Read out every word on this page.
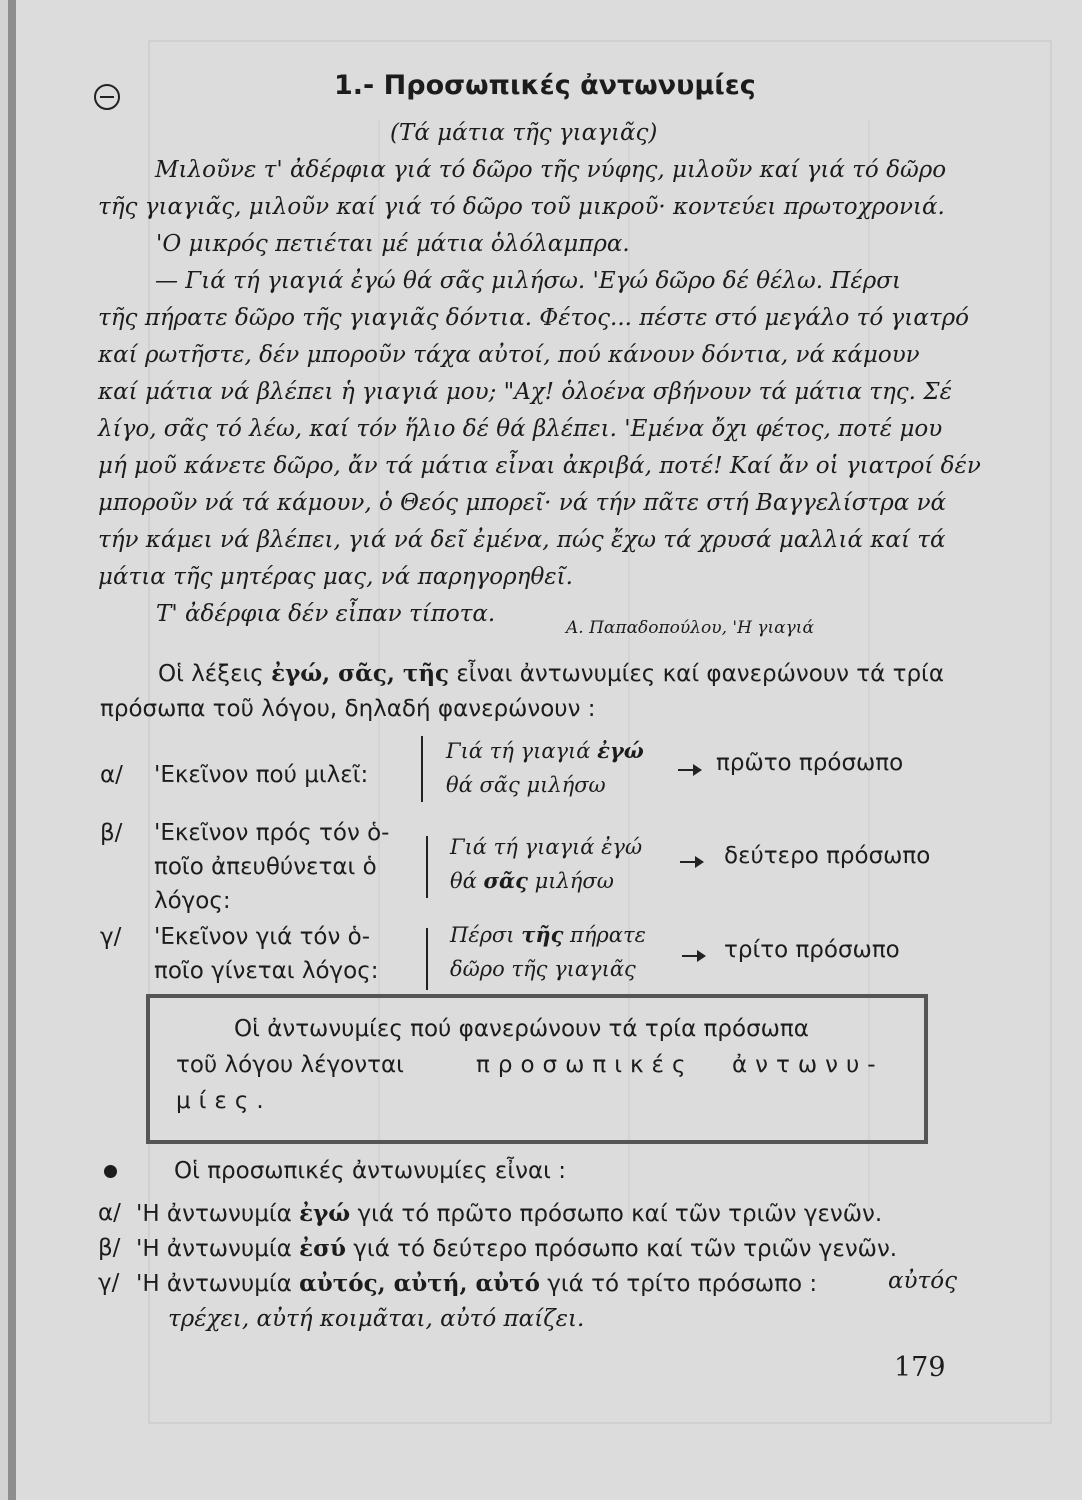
1.- Προσωπικές ἀντωνυμίες
(Τά μάτια τῆς γιαγιᾶς)
Μιλοῦνε τ' ἀδέρφια γιά τό δῶρο τῆς νύφης, μιλοῦν καί γιά τό δῶρο
τῆς γιαγιᾶς, μιλοῦν καί γιά τό δῶρο τοῦ μικροῦ· κοντεύει πρωτοχρονιά.
'Ο μικρός πετιέται μέ μάτια ὁλόλαμπρα.
— Γιά τή γιαγιά ἐγώ θά σᾶς μιλήσω. 'Εγώ δῶρο δέ θέλω. Πέρσι
τῆς πήρατε δῶρο τῆς γιαγιᾶς δόντια. Φέτος... πέστε στό μεγάλο τό γιατρό
καί ρωτῆστε, δέν μποροῦν τάχα αὐτοί, πού κάνουν δόντια, νά κάμουν
καί μάτια νά βλέπει ἡ γιαγιά μου; "Αχ! ὁλοένα σβήνουν τά μάτια της. Σέ
λίγο, σᾶς τό λέω, καί τόν ἥλιο δέ θά βλέπει. 'Εμένα ὄχι φέτος, ποτέ μου
μή μοῦ κάνετε δῶρο, ἄν τά μάτια εἶναι ἀκριβά, ποτέ! Καί ἄν οἱ γιατροί δέν
μποροῦν νά τά κάμουν, ὁ Θεός μπορεῖ· νά τήν πᾶτε στή Βαγγελίστρα νά
τήν κάμει νά βλέπει, γιά νά δεῖ ἐμένα, πώς ἔχω τά χρυσά μαλλιά καί τά
μάτια τῆς μητέρας μας, νά παρηγορηθεῖ.
Τ' ἀδέρφια δέν εἶπαν τίποτα.
Α. Παπαδοπούλου, 'Η γιαγιά
Οἱ λέξεις ἐγώ, σᾶς, τῆς εἶναι ἀντωνυμίες καί φανερώνουν τά τρία
πρόσωπα τοῦ λόγου, δηλαδή φανερώνουν :
α/ 'Εκεῖνον πού μιλεῖ:
Γιά τή γιαγιά ἐγώ
θά σᾶς μιλήσω
πρῶτο πρόσωπο
β/ 'Εκεῖνον πρός τόν ὁ-
ποῖο ἀπευθύνεται ὁ
λόγος:
Γιά τή γιαγιά ἐγώ
θά σᾶς μιλήσω
δεύτερο πρόσωπο
γ/ 'Εκεῖνον γιά τόν ὁ-
ποῖο γίνεται λόγος:
Πέρσι τῆς πήρατε
δῶρο τῆς γιαγιᾶς
τρίτο πρόσωπο
Οἱ ἀντωνυμίες πού φανερώνουν τά τρία πρόσωπα
τοῦ λόγου λέγονται	προσωπικές ἀντωνυ-
μίες.
Οἱ προσωπικές ἀντωνυμίες εἶναι :
α/ 'Η ἀντωνυμία ἐγώ γιά τό πρῶτο πρόσωπο καί τῶν τριῶν γενῶν.
β/ 'Η ἀντωνυμία ἐσύ γιά τό δεύτερο πρόσωπο καί τῶν τριῶν γενῶν.
γ/ 'Η ἀντωνυμία αὐτός, αὐτή, αὐτό γιά τό τρίτο πρόσωπο :	αὐτός
τρέχει, αὐτή κοιμᾶται, αὐτό παίζει.
179
